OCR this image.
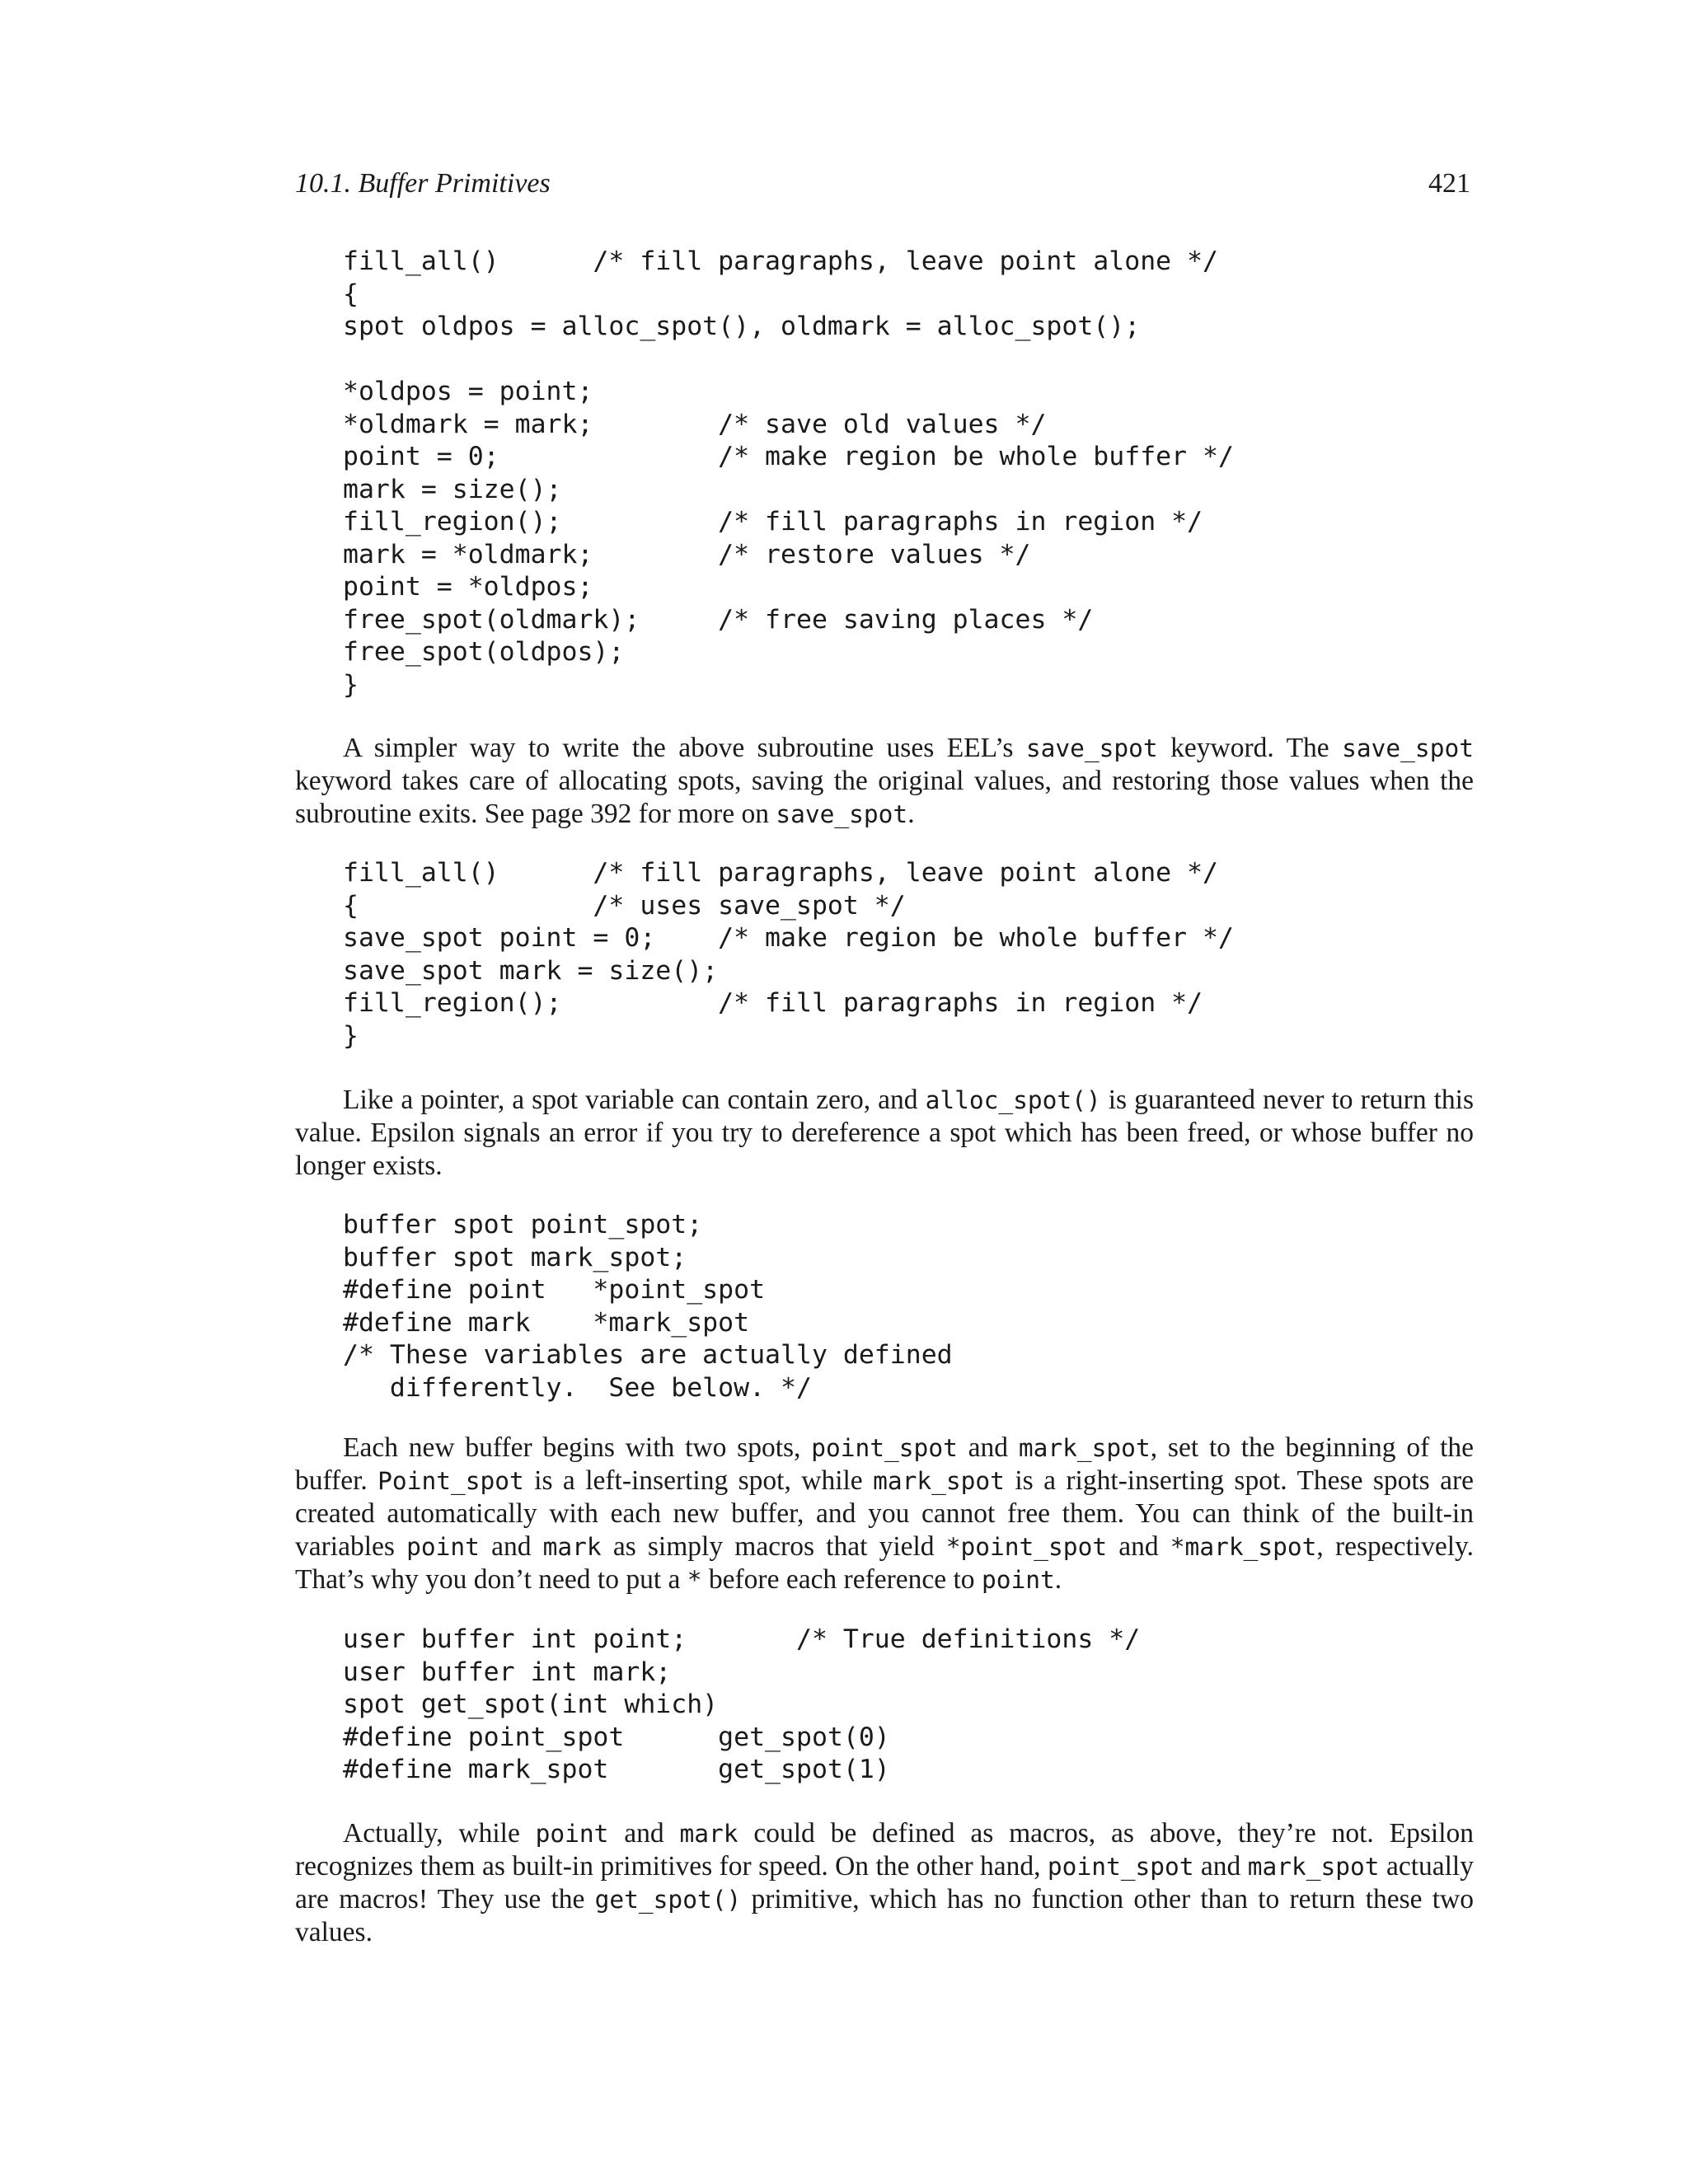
10.1. Buffer Primitives	421
fill_all()      /* fill paragraphs, leave point alone */
{
spot oldpos = alloc_spot(), oldmark = alloc_spot();

*oldpos = point;
*oldmark = mark;        /* save old values */
point = 0;              /* make region be whole buffer */
mark = size();
fill_region();          /* fill paragraphs in region */
mark = *oldmark;        /* restore values */
point = *oldpos;
free_spot(oldmark);     /* free saving places */
free_spot(oldpos);
}

A simpler way to write the above subroutine uses EEL’s save_spot keyword. The save_spot keyword takes care of allocating spots, saving the original values, and restoring those values when the subroutine exits. See page 392 for more on save_spot.

fill_all()      /* fill paragraphs, leave point alone */
{               /* uses save_spot */
save_spot point = 0;    /* make region be whole buffer */
save_spot mark = size();
fill_region();          /* fill paragraphs in region */
}

Like a pointer, a spot variable can contain zero, and alloc_spot() is guaranteed never to return this value. Epsilon signals an error if you try to dereference a spot which has been freed, or whose buffer no longer exists.

buffer spot point_spot;
buffer spot mark_spot;
#define point   *point_spot
#define mark    *mark_spot
/* These variables are actually defined
differently.  See below. */

Each new buffer begins with two spots, point_spot and mark_spot, set to the beginning of the buffer. Point_spot is a left-inserting spot, while mark_spot is a right-inserting spot. These spots are created automatically with each new buffer, and you cannot free them. You can think of the built-in variables point and mark as simply macros that yield *point_spot and *mark_spot, respectively. That’s why you don’t need to put a * before each reference to point.

user buffer int point;       /* True definitions */
user buffer int mark;
spot get_spot(int which)
#define point_spot      get_spot(0)
#define mark_spot       get_spot(1)

Actually, while point and mark could be defined as macros, as above, they’re not. Epsilon recognizes them as built-in primitives for speed. On the other hand, point_spot and mark_spot actually are macros! They use the get_spot() primitive, which has no function other than to return these two values.
